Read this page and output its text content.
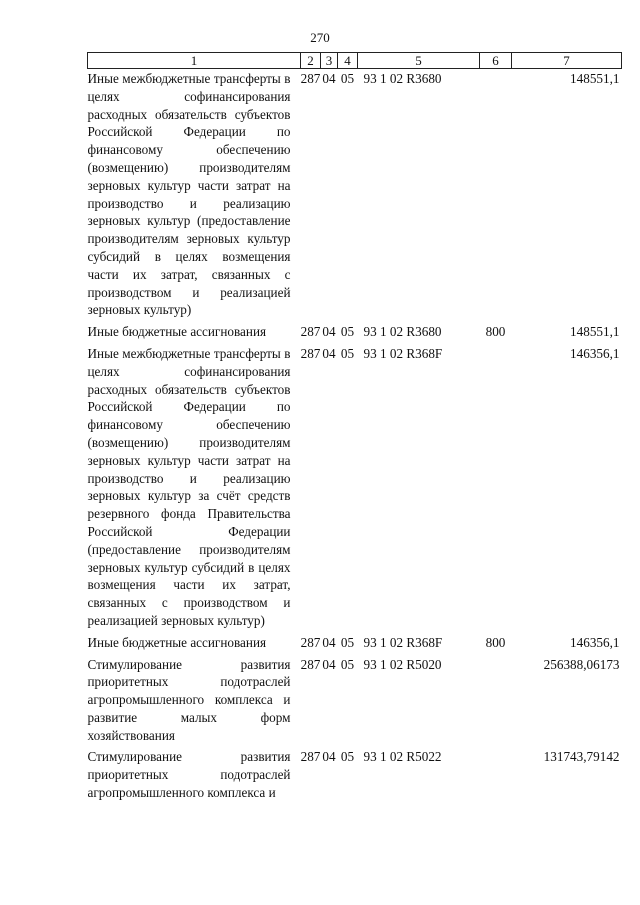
270
1	2	3	4	5	6	7
Иные межбюджетные трансферты в целях софинансирования расходных обязательств субъектов Российской Федерации по финансовому обеспечению (возмещению) производителям зерновых культур части затрат на производство и реализацию зерновых культур (предоставление производителям зерновых культур субсидий в целях возмещения части их затрат, связанных с производством и реализацией зерновых культур)	287	04	05	93 1 02 R3680		148551,1
Иные бюджетные ассигнования	287	04	05	93 1 02 R3680	800	148551,1
Иные межбюджетные трансферты в целях софинансирования расходных обязательств субъектов Российской Федерации по финансовому обеспечению (возмещению) производителям зерновых культур части затрат на производство и реализацию зерновых культур за счёт средств резервного фонда Правительства Российской Федерации (предоставление производителям зерновых культур субсидий в целях возмещения части их затрат, связанных с производством и реализацией зерновых культур)	287	04	05	93 1 02 R368F		146356,1
Иные бюджетные ассигнования	287	04	05	93 1 02 R368F	800	146356,1
Стимулирование развития приоритетных подотраслей агропромышленного комплекса и развитие малых форм хозяйствования	287	04	05	93 1 02 R5020		256388,06173
Стимулирование развития приоритетных подотраслей агропромышленного комплекса и	287	04	05	93 1 02 R5022		131743,79142
